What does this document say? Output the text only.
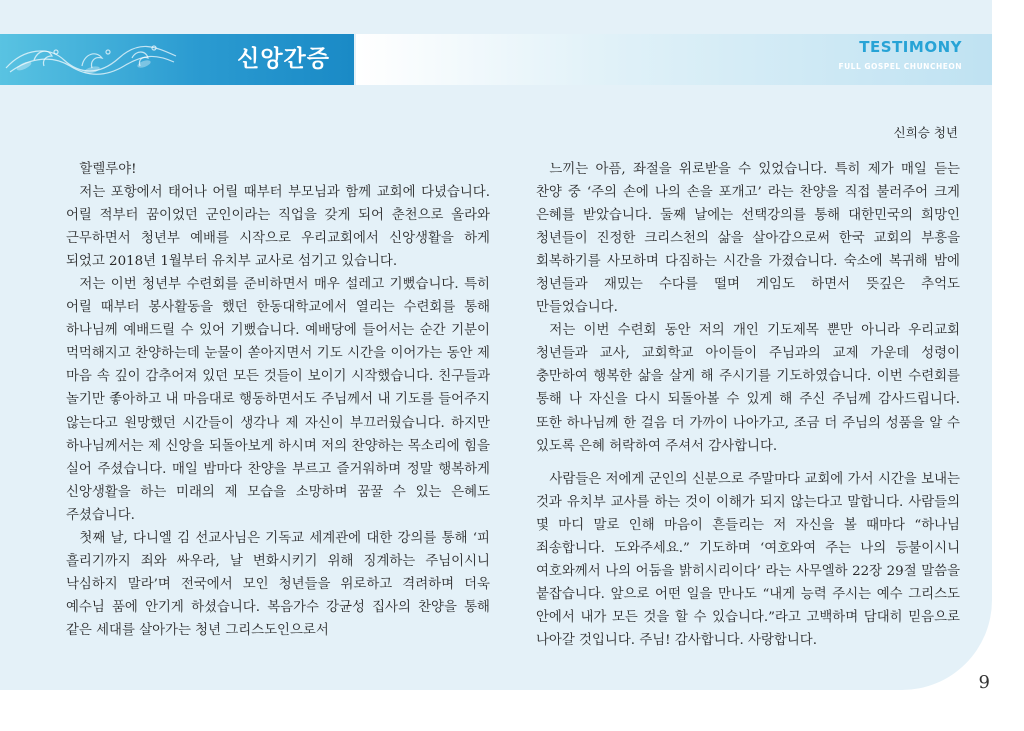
신앙간증	TESTIMONY
FULL GOSPEL CHUNCHEON
신희승 청년

할렐루야!

저는 포항에서 태어나 어릴 때부터 부모님과 함께 교회에 다녔습니다. 어릴 적부터 꿈이었던 군인이라는 직업을 갖게 되어 춘천으로 올라와 근무하면서 청년부 예배를 시작으로 우리교회에서 신앙생활을 하게 되었고 2018년 1월부터 유치부 교사로 섬기고 있습니다.

저는 이번 청년부 수련회를 준비하면서 매우 설레고 기뻤습니다. 특히 어릴 때부터 봉사활동을 했던 한동대학교에서 열리는 수련회를 통해 하나님께 예배드릴 수 있어 기뻤습니다. 예배당에 들어서는 순간 기분이 먹먹해지고 찬양하는데 눈물이 쏟아지면서 기도 시간을 이어가는 동안 제 마음 속 깊이 감추어져 있던 모든 것들이 보이기 시작했습니다. 친구들과 놀기만 좋아하고 내 마음대로 행동하면서도 주님께서 내 기도를 들어주지 않는다고 원망했던 시간들이 생각나 제 자신이 부끄러웠습니다. 하지만 하나님께서는 제 신앙을 되돌아보게 하시며 저의 찬양하는 목소리에 힘을 실어 주셨습니다. 매일 밤마다 찬양을 부르고 즐거워하며 정말 행복하게 신앙생활을 하는 미래의 제 모습을 소망하며 꿈꿀 수 있는 은혜도 주셨습니다.

첫째 날, 다니엘 김 선교사님은 기독교 세계관에 대한 강의를 통해 ‘피 흘리기까지 죄와 싸우라, 날 변화시키기 위해 징계하는 주님이시니 낙심하지 말라’며 전국에서 모인 청년들을 위로하고 격려하며 더욱 예수님 품에 안기게 하셨습니다. 복음가수 강균성 집사의 찬양을 통해 같은 세대를 살아가는 청년 그리스도인으로서

느끼는 아픔, 좌절을 위로받을 수 있었습니다. 특히 제가 매일 듣는 찬양 중 ‘주의 손에 나의 손을 포개고’ 라는 찬양을 직접 불러주어 크게 은혜를 받았습니다. 둘째 날에는 선택강의를 통해 대한민국의 희망인 청년들이 진정한 크리스천의 삶을 살아감으로써 한국 교회의 부흥을 회복하기를 사모하며 다짐하는 시간을 가졌습니다. 숙소에 복귀해 밤에 청년들과 재밌는 수다를 떨며 게임도 하면서 뜻깊은 추억도 만들었습니다.

저는 이번 수련회 동안 저의 개인 기도제목 뿐만 아니라 우리교회 청년들과 교사, 교회학교 아이들이 주님과의 교제 가운데 성령이 충만하여 행복한 삶을 살게 해 주시기를 기도하였습니다. 이번 수련회를 통해 나 자신을 다시 되돌아볼 수 있게 해 주신 주님께 감사드립니다. 또한 하나님께 한 걸음 더 가까이 나아가고, 조금 더 주님의 성품을 알 수 있도록 은혜 허락하여 주셔서 감사합니다.

사람들은 저에게 군인의 신분으로 주말마다 교회에 가서 시간을 보내는 것과 유치부 교사를 하는 것이 이해가 되지 않는다고 말합니다. 사람들의 몇 마디 말로 인해 마음이 흔들리는 저 자신을 볼 때마다 “하나님 죄송합니다. 도와주세요.” 기도하며 ‘여호와여 주는 나의 등불이시니 여호와께서 나의 어둠을 밝히시리이다’ 라는 사무엘하 22장 29절 말씀을 붙잡습니다. 앞으로 어떤 일을 만나도 “내게 능력 주시는 예수 그리스도 안에서 내가 모든 것을 할 수 있습니다.”라고 고백하며 담대히 믿음으로 나아갈 것입니다. 주님! 감사합니다. 사랑합니다.

9
